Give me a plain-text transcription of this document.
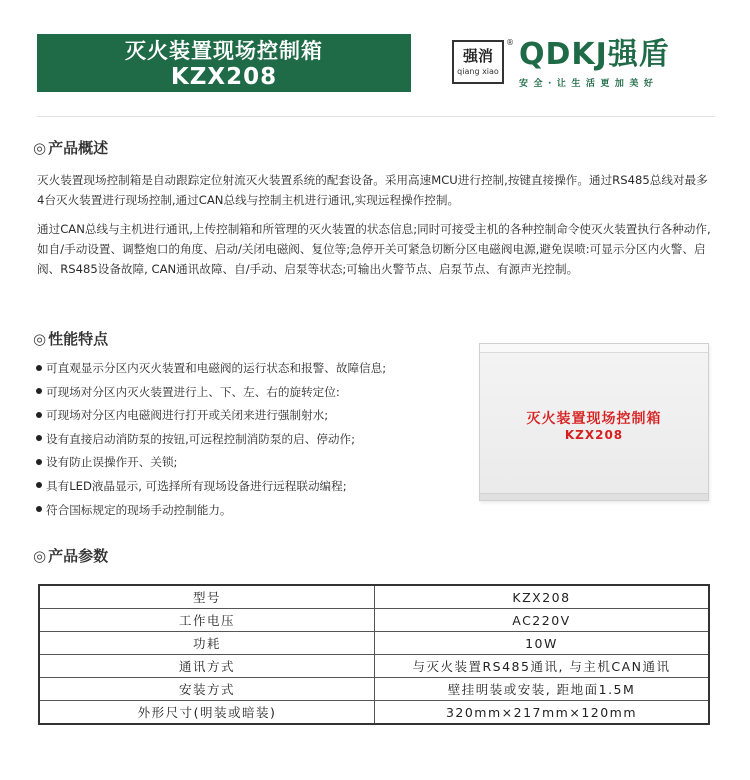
灭火装置现场控制箱
KZX208
强消
qiang xiao
® QDKJ强盾
安全·让生活更加美好
◎ 产品概述

灭火装置现场控制箱是自动跟踪定位射流灭火装置系统的配套设备。采用高速MCU进行控制,按键直接操作。通过RS485总线对最多4台灭火装置进行现场控制,通过CAN总线与控制主机进行通讯,实现远程操作控制。

通过CAN总线与主机进行通讯,上传控制箱和所管理的灭火装置的状态信息;同时可接受主机的各种控制命令使灭火装置执行各种动作,如自/手动设置、调整炮口的角度、启动/关闭电磁阀、复位等;急停开关可紧急切断分区电磁阀电源,避免误喷:可显示分区内火警、启阀、RS485设备故障, CAN通讯故障、自/手动、启泵等状态;可输出火警节点、启泵节点、有源声光控制。

◎ 性能特点
可直观显示分区内灭火装置和电磁阀的运行状态和报警、故障信息;
可现场对分区内灭火装置进行上、下、左、右的旋转定位:
可现场对分区内电磁阀进行打开或关闭来进行强制射水;
设有直接启动消防泵的按钮,可远程控制消防泵的启、停动作;
设有防止误操作开、关锁;
具有LED液晶显示, 可选择所有现场设备进行远程联动编程;
符合国标规定的现场手动控制能力。
灭火装置现场控制箱
KZX208
◎ 产品参数
型号	KZX208
工作电压	AC220V
功耗	10W
通讯方式	与灭火装置RS485通讯, 与主机CAN通讯
安装方式	壁挂明装或安装, 距地面1.5M
外形尺寸(明装或暗装)	320mm×217mm×120mm
